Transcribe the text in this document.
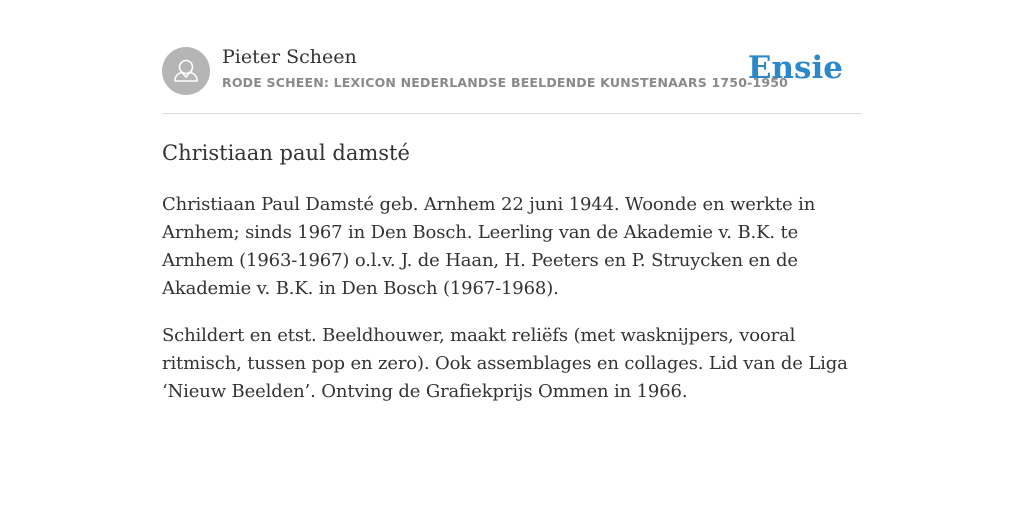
Pieter Scheen
RODE SCHEEN: LEXICON NEDERLANDSE BEELDENDE KUNSTENAARS 1750-1950
Ensie
Christiaan paul damsté

Christiaan Paul Damsté geb. Arnhem 22 juni 1944. Woonde en werkte in Arnhem; sinds 1967 in Den Bosch. Leerling van de Akademie v. B.K. te Arnhem (1963-1967) o.l.v. J. de Haan, H. Peeters en P. Struycken en de Akademie v. B.K. in Den Bosch (1967-1968).

Schildert en etst. Beeldhouwer, maakt reliëfs (met wasknijpers, vooral ritmisch, tussen pop en zero). Ook assemblages en collages. Lid van de Liga ‘Nieuw Beelden’. Ontving de Grafiekprijs Ommen in 1966.
